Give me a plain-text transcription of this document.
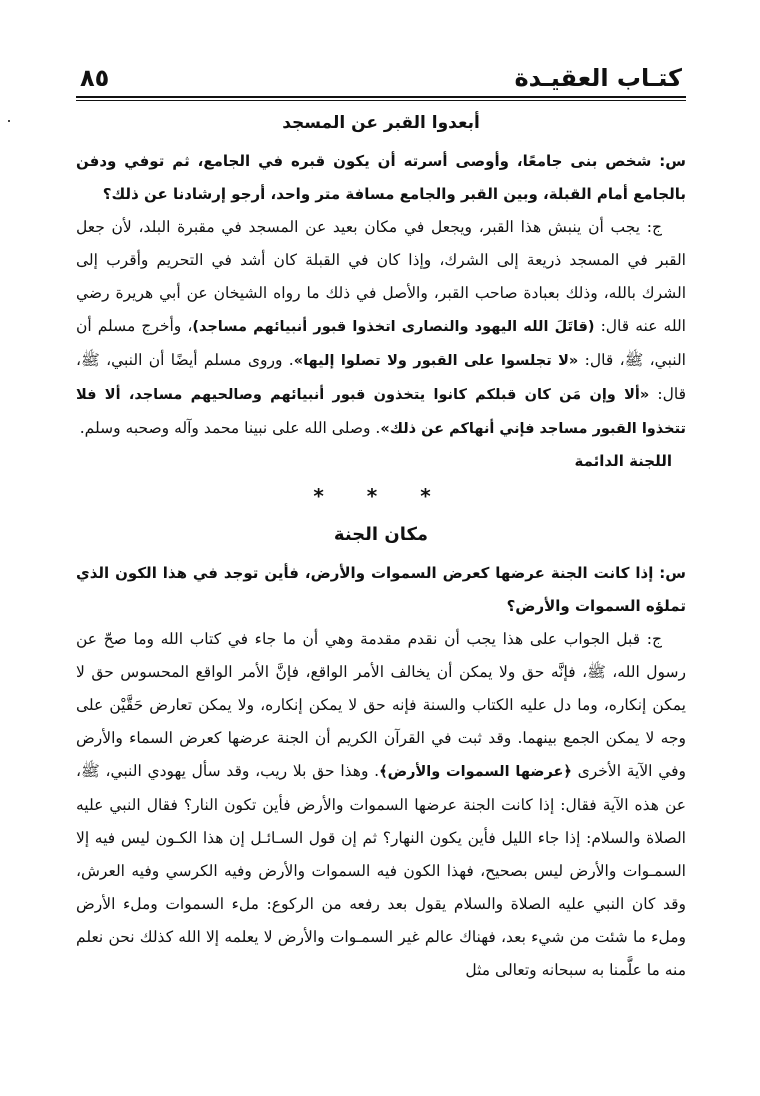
كتـاب العقيـدة
٨٥
أبعدوا القبر عن المسجد

س: شخص بنى جامعًا، وأوصى أسرته أن يكون قبره في الجامع، ثم توفي ودفن بالجامع أمام القبلة، وبين القبر والجامع مسافة متر واحد، أرجو إرشادنا عن ذلك؟

ج: يجب أن ينبش هذا القبر، ويجعل في مكان بعيد عن المسجد في مقبرة البلد، لأن جعل القبر في المسجد ذريعة إلى الشرك، وإذا كان في القبلة كان أشد في التحريم وأقرب إلى الشرك بالله، وذلك بعبادة صاحب القبر، والأصل في ذلك ما رواه الشيخان عن أبي هريرة رضي الله عنه قال: (قاتَلَ الله اليهود والنصارى اتخذوا قبور أنبيائهم مساجد)، وأخرج مسلم أن النبي، ﷺ، قال: «لا تجلسوا على القبور ولا تصلوا إليها». وروى مسلم أيضًا أن النبي، ﷺ، قال: «ألا وإن مَن كان قبلكم كانوا يتخذون قبور أنبيائهم وصالحيهم مساجد، ألا فلا تتخذوا القبور مساجد فإني أنهاكم عن ذلك». وصلى الله على نبينا محمد وآله وصحبه وسلم.

اللجنة الدائمة
* * *
مكان الجنة

س: إذا كانت الجنة عرضها كعرض السموات والأرض، فأين توجد في هذا الكون الذي تملؤه السموات والأرض؟

ج: قبل الجواب على هذا يجب أن نقدم مقدمة وهي أن ما جاء في كتاب الله وما صحّ عن رسول الله، ﷺ، فإنَّه حق ولا يمكن أن يخالف الأمر الواقع، فإنَّ الأمر الواقع المحسوس حق لا يمكن إنكاره، وما دل عليه الكتاب والسنة فإنه حق لا يمكن إنكاره، ولا يمكن تعارض حَقَّيْن على وجه لا يمكن الجمع بينهما. وقد ثبت في القرآن الكريم أن الجنة عرضها كعرض السماء والأرض وفي الآية الأخرى ﴿عرضها السموات والأرض﴾. وهذا حق بلا ريب، وقد سأل يهودي النبي، ﷺ، عن هذه الآية فقال: إذا كانت الجنة عرضها السموات والأرض فأين تكون النار؟ فقال النبي عليه الصلاة والسلام: إذا جاء الليل فأين يكون النهار؟ ثم إن قول السـائـل إن هذا الكـون ليس فيه إلا السمـوات والأرض ليس بصحيح، فهذا الكون فيه السموات والأرض وفيه الكرسي وفيه العرش، وقد كان النبي عليه الصلاة والسلام يقول بعد رفعه من الركوع: ملء السموات وملء الأرض وملء ما شئت من شيء بعد، فهناك عالم غير السمـوات والأرض لا يعلمه إلا الله كذلك نحن نعلم منه ما علَّمنا به سبحانه وتعالى مثل
